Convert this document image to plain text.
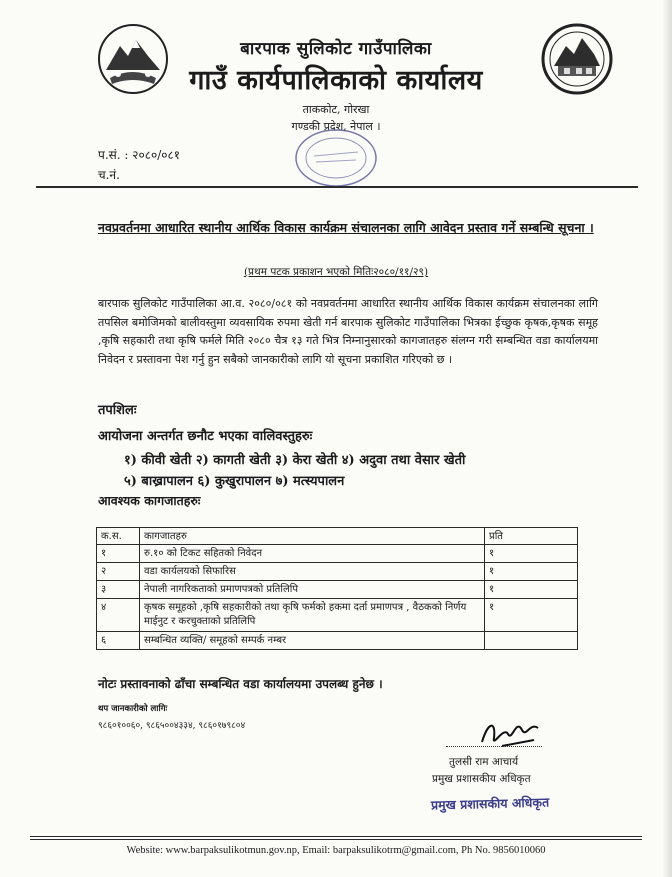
बारपाक सुलिकोट गाउँपालिका
गाउँ कार्यपालिकाको कार्यालय
ताककोट, गोरखा
गण्डकी प्रदेश, नेपाल ।
प.सं. : २०८०/०८१
च.नं.
नवप्रवर्तनमा आधारित स्थानीय आर्थिक विकास कार्यक्रम संचालनका लागि आवेदन प्रस्ताव गर्ने सम्बन्धि सूचना ।
(प्रथम पटक प्रकाशन भएको मितिः२०८०/११/२९)
बारपाक सुलिकोट गाउँपालिका आ.व. २०८०/०८१ को नवप्रवर्तनमा आधारित स्थानीय आर्थिक विकास कार्यक्रम संचालनका लागि तपसिल बमोजिमको बालीवस्तुमा व्यवसायिक रुपमा खेती गर्न बारपाक सुलिकोट गाउँपालिका भित्रका ईच्छुक कृषक,कृषक समूह ,कृषि सहकारी तथा कृषि फर्मले मिति २०८० चैत्र १३ गते भित्र निम्नानुसारको कागजातहरु संलग्न गरी सम्बन्धित वडा कार्यालयमा निवेदन र प्रस्तावना पेश गर्नु हुन सबैको जानकारीको लागि यो सूचना प्रकाशित गरिएको छ ।
तपशिलः
आयोजना अन्तर्गत छनौट भएका वालिवस्तुहरुः
१) कीवी खेती २) कागती खेती ३) केरा खेती ४) अदुवा तथा वेसार खेती
५) बाख्रापालन ६) कुखुरापालन ७) मत्स्यपालन
आवश्यक कागजातहरुः
क.स.	कागजातहरु	प्रति
१	रु.१० को टिकट सहितको निवेदन	१
२	वडा कार्यलयको सिफारिस	१
३	नेपाली नागरिकताको प्रमाणपत्रको प्रतिलिपि	१
४	कृषक समूहको ,कृषि सहकारीको तथा कृषि फर्मको हकमा दर्ता प्रमाणपत्र , वैठकको निर्णय माईनुट र करचुक्ताको प्रतिलिपि	१
६	सम्बन्धित व्यक्ति/ समूहको सम्पर्क नम्बर	
नोटः प्रस्तावनाको ढाँचा सम्बन्धित वडा कार्यालयमा उपलब्ध हुनेछ ।
थप जानकारीको लागिः
९८६०१००६०, ९८६५००४३३४, ९८६०१७९८०४
तुलसी राम आचार्य
प्रमुख प्रशासकीय अधिकृत
प्रमुख प्रशासकीय अधिकृत
Website: www.barpaksulikotmun.gov.np, Email: barpaksulikotrm@gmail.com, Ph No. 9856010060
